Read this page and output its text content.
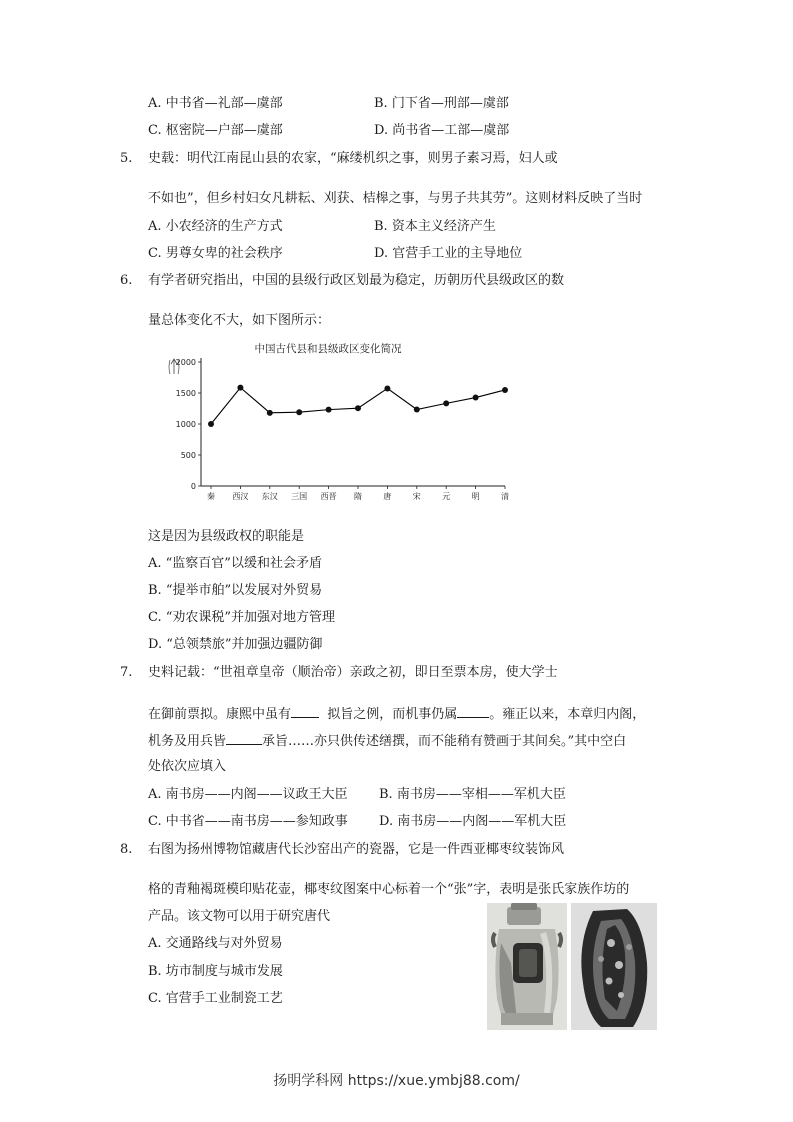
A. 中书省—礼部—虞部	B. 门下省—刑部—虞部
C. 枢密院—户部—虞部	D. 尚书省—工部—虞部
5. 史载：明代江南昆山县的农家，“麻缕机织之事，则男子素习焉，妇人或
不如也”，但乡村妇女凡耕耘、刈获、桔槔之事，与男子共其劳”。这则材料反映了当时
A. 小农经济的生产方式	B. 资本主义经济产生
C. 男尊女卑的社会秩序	D. 官营手工业的主导地位
6. 有学者研究指出，中国的县级行政区划最为稳定，历朝历代县级政区的数
量总体变化不大，如下图所示：
中国古代县和县级政区变化简况
0
500
1000
1500
2000
秦 西汉 东汉 三国 西晋 隋	唐	宋	元	明	清
这是因为县级政权的职能是
A. “监察百官”以缓和社会矛盾
B. “提举市舶”以发展对外贸易
C. “劝农课税”并加强对地方管理
D. “总领禁旅”并加强边疆防御
7. 史料记载：“世祖章皇帝（顺治帝）亲政之初，即日至票本房，使大学士
在御前票拟。康熙中虽有	拟旨之例，而机事仍属 。雍正以来，本章归内阁，
机务及用兵皆	承旨……亦只供传述缮撰，而不能稍有赞画于其间矣。”其中空白
处依次应填入
A. 南书房——内阁——议政王大臣 B. 南书房——宰相——军机大臣
C. 中书省——南书房——参知政事 D. 南书房——内阁——军机大臣
8. 右图为扬州博物馆藏唐代长沙窑出产的瓷器，它是一件西亚椰枣纹装饰风
格的青釉褐斑模印贴花壶，椰枣纹图案中心标着一个“张”字，表明是张氏家族作坊的
产品。该文物可以用于研究唐代
A. 交通路线与对外贸易
B. 坊市制度与城市发展
C. 官营手工业制瓷工艺
扬明学科网 https://xue.ymbj88.com/
